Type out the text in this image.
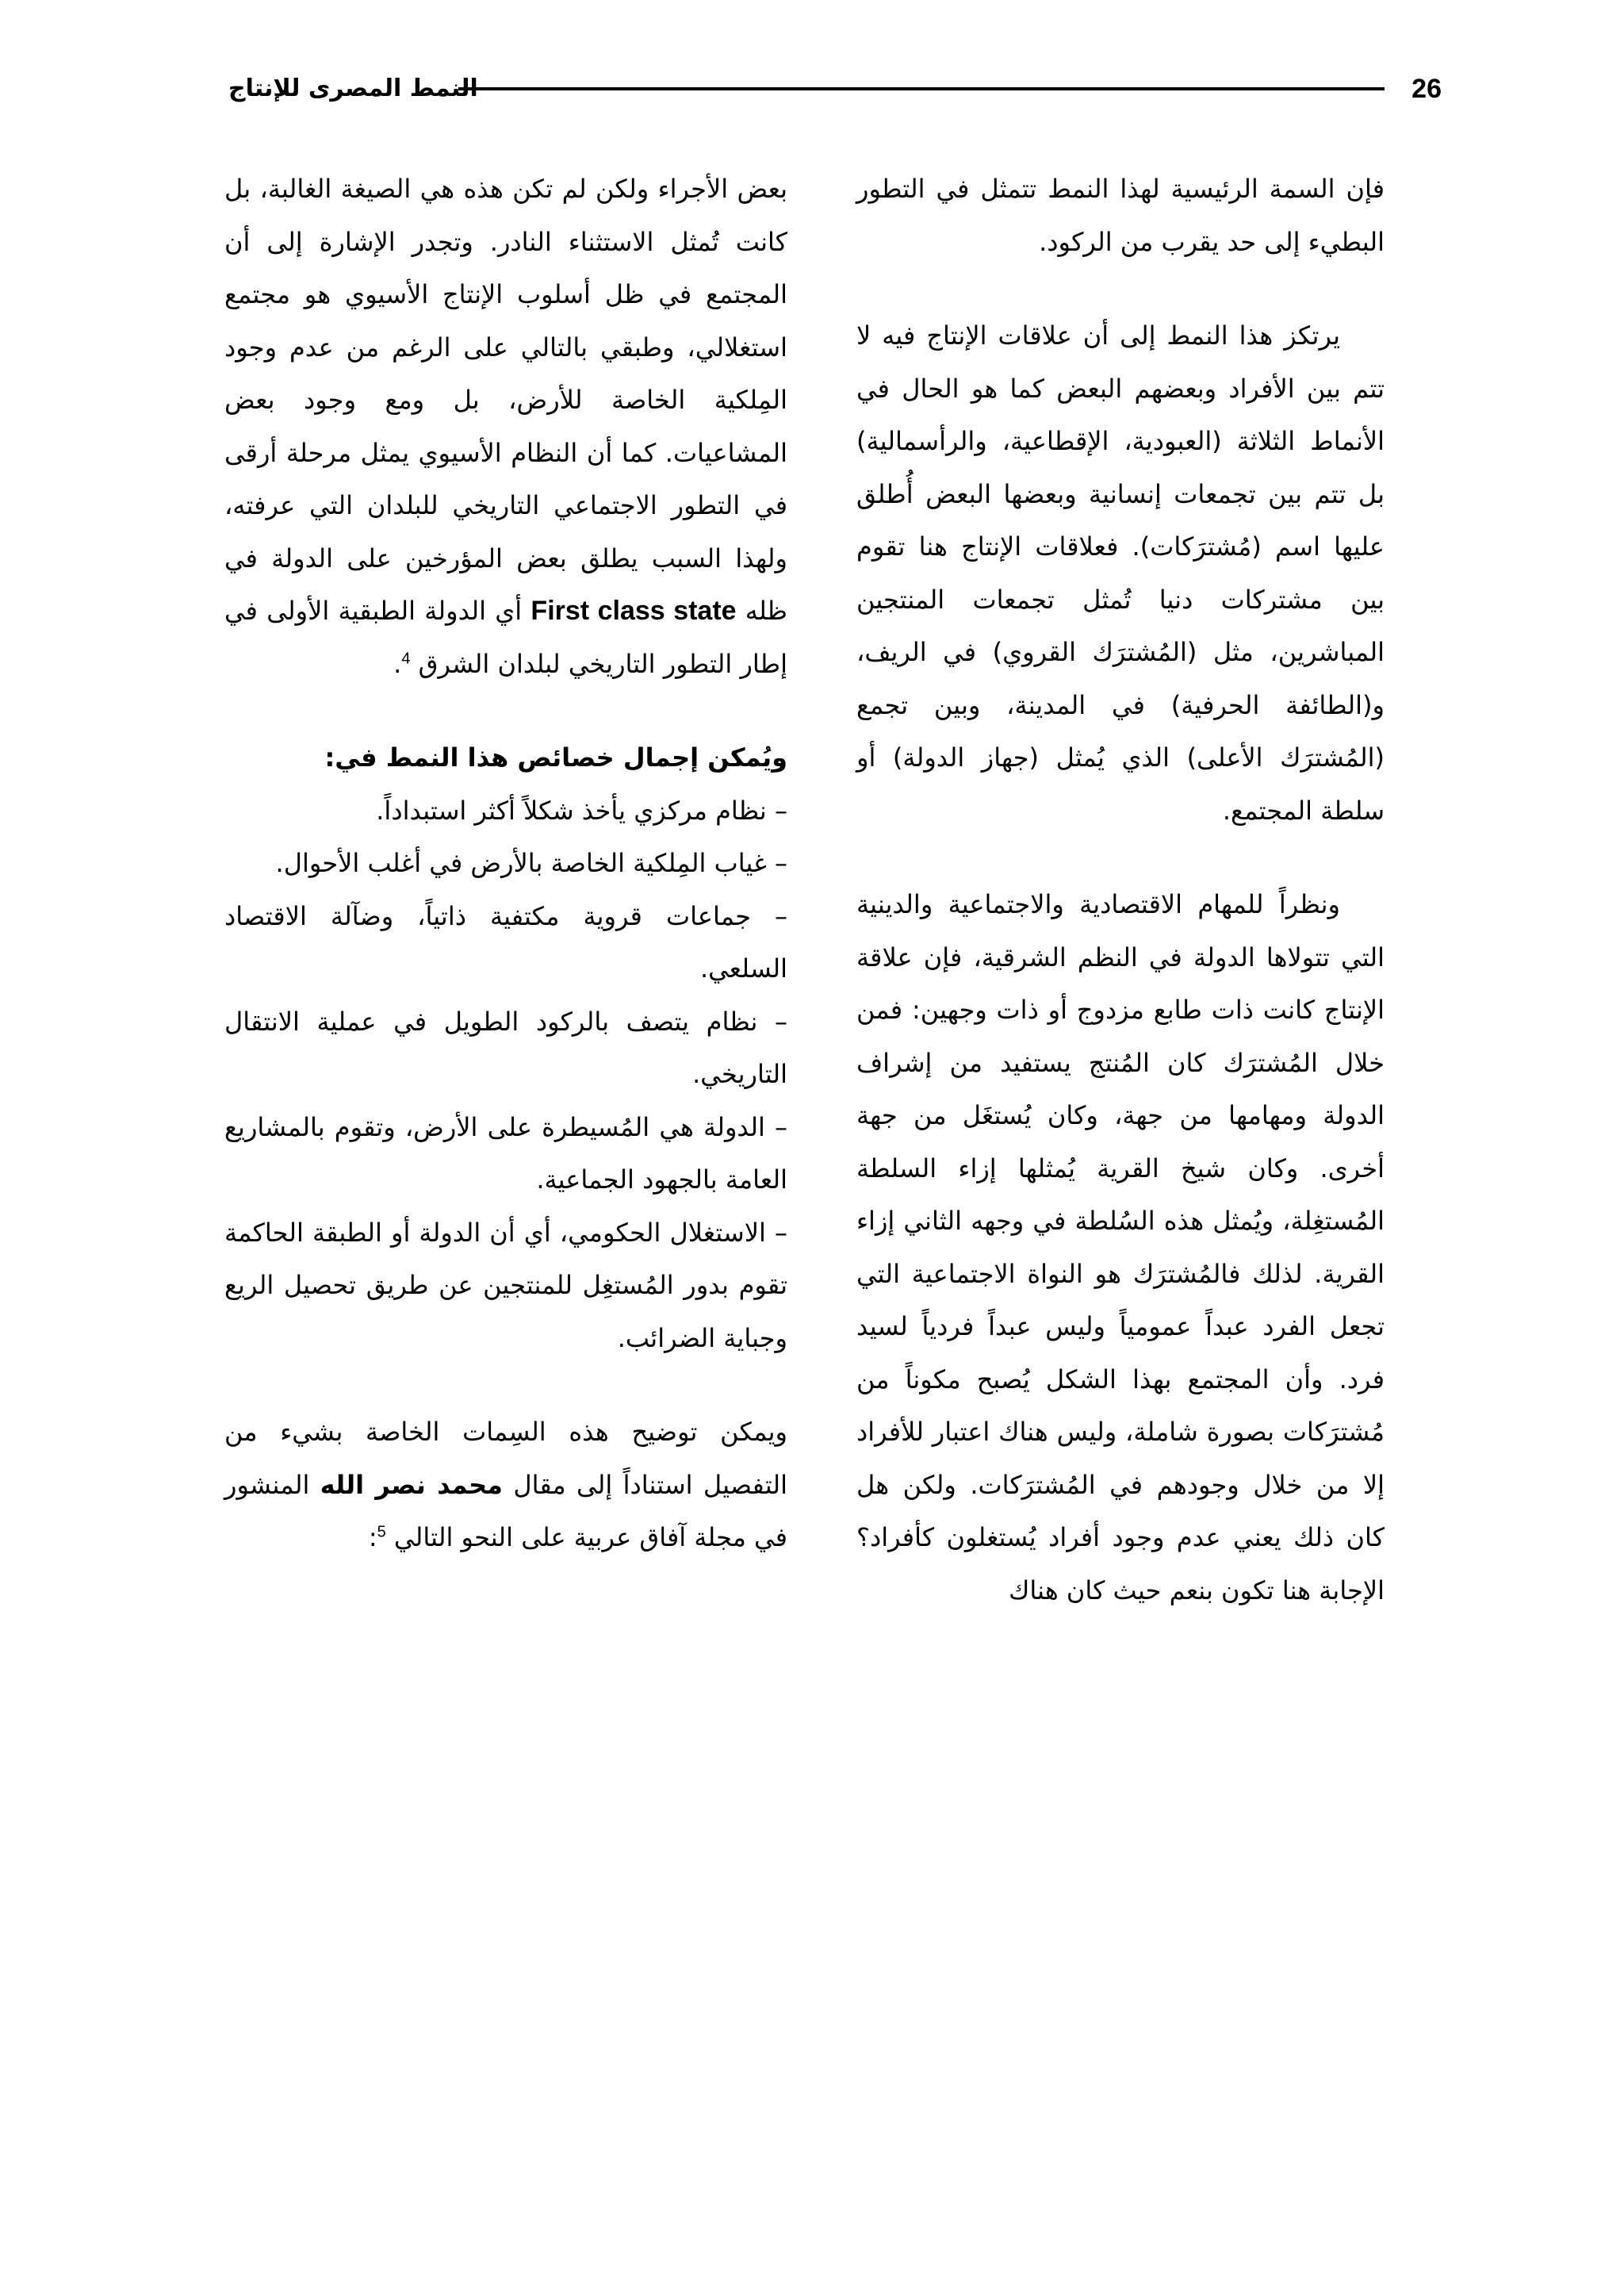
النمط المصرى للإنتاج	26

فإن السمة الرئيسية لهذا النمط تتمثل في التطور البطيء إلى حد يقرب من الركود.

يرتكز هذا النمط إلى أن علاقات الإنتاج فيه لا تتم بين الأفراد وبعضهم البعض كما هو الحال في الأنماط الثلاثة (العبودية، الإقطاعية، والرأسمالية) بل تتم بين تجمعات إنسانية وبعضها البعض أُطلق عليها اسم (مُشترَكات). فعلاقات الإنتاج هنا تقوم بين مشتركات دنيا تُمثل تجمعات المنتجين المباشرين، مثل (المُشترَك القروي) في الريف، و(الطائفة الحرفية) في المدينة، وبين تجمع (المُشترَك الأعلى) الذي يُمثل (جهاز الدولة) أو سلطة المجتمع.

ونظراً للمهام الاقتصادية والاجتماعية والدينية التي تتولاها الدولة في النظم الشرقية، فإن علاقة الإنتاج كانت ذات طابع مزدوج أو ذات وجهين: فمن خلال المُشترَك كان المُنتج يستفيد من إشراف الدولة ومهامها من جهة، وكان يُستغَل من جهة أخرى. وكان شيخ القرية يُمثلها إزاء السلطة المُستغِلة، ويُمثل هذه السُلطة في وجهه الثاني إزاء القرية. لذلك فالمُشترَك هو النواة الاجتماعية التي تجعل الفرد عبداً عمومياً وليس عبداً فردياً لسيد فرد. وأن المجتمع بهذا الشكل يُصبح مكوناً من مُشترَكات بصورة شاملة، وليس هناك اعتبار للأفراد إلا من خلال وجودهم في المُشترَكات. ولكن هل كان ذلك يعني عدم وجود أفراد يُستغلون كأفراد؟ الإجابة هنا تكون بنعم حيث كان هناك

بعض الأجراء ولكن لم تكن هذه هي الصيغة الغالبة، بل كانت تُمثل الاستثناء النادر. وتجدر الإشارة إلى أن المجتمع في ظل أسلوب الإنتاج الأسيوي هو مجتمع استغلالي، وطبقي بالتالي على الرغم من عدم وجود المِلكية الخاصة للأرض، بل ومع وجود بعض المشاعيات. كما أن النظام الأسيوي يمثل مرحلة أرقى في التطور الاجتماعي التاريخي للبلدان التي عرفته، ولهذا السبب يطلق بعض المؤرخين على الدولة في ظله First class state أي الدولة الطبقية الأولى في إطار التطور التاريخي لبلدان الشرق $^4$.

ويُمكن إجمال خصائص هذا النمط في:

– نظام مركزي يأخذ شكلاً أكثر استبداداً.

– غياب المِلكية الخاصة بالأرض في أغلب الأحوال.

– جماعات قروية مكتفية ذاتياً، وضآلة الاقتصاد السلعي.

– نظام يتصف بالركود الطويل في عملية الانتقال التاريخي.

– الدولة هي المُسيطرة على الأرض، وتقوم بالمشاريع العامة بالجهود الجماعية.

– الاستغلال الحكومي، أي أن الدولة أو الطبقة الحاكمة تقوم بدور المُستغِل للمنتجين عن طريق تحصيل الريع وجباية الضرائب.

ويمكن توضيح هذه السِمات الخاصة بشيء من التفصيل استناداً إلى مقال محمد نصر الله المنشور في مجلة آفاق عربية على النحو التالي $^5$:
